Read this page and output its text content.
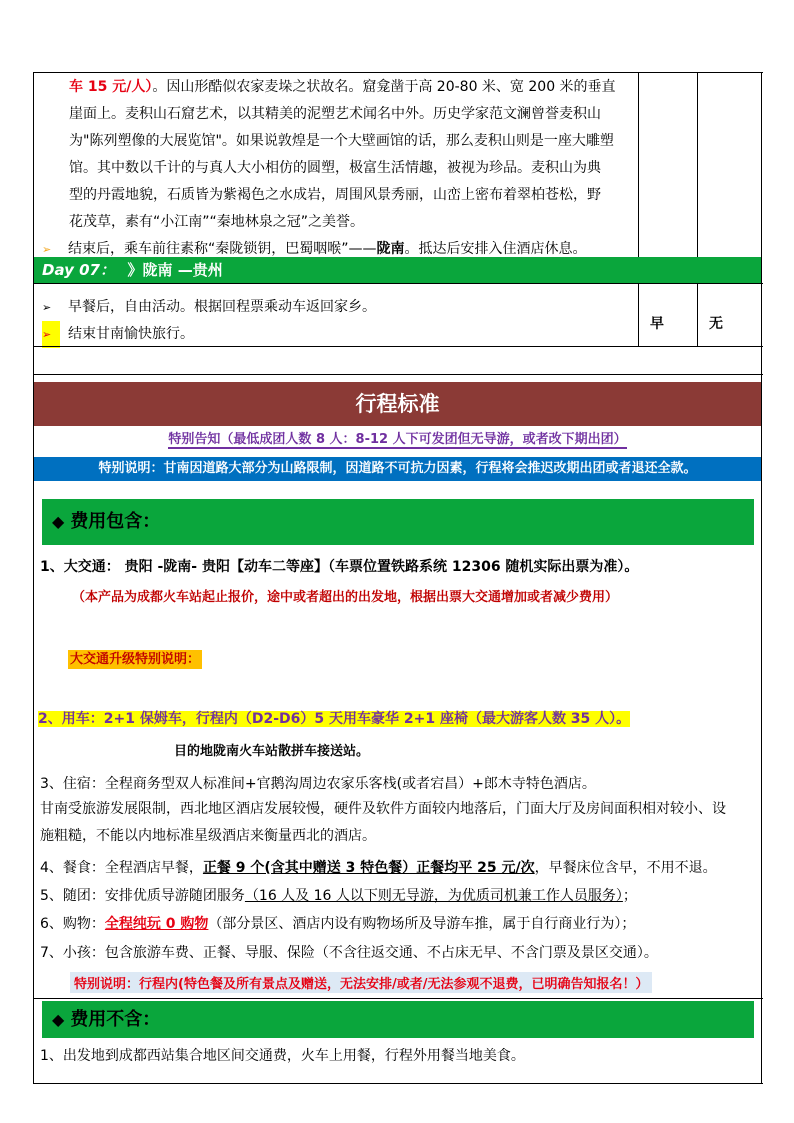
车 15 元/人）。因山形酷似农家麦垛之状故名。窟龛凿于高 20-80 米、宽 200 米的垂直
崖面上。麦积山石窟艺术，以其精美的泥塑艺术闻名中外。历史学家范文澜曾誉麦积山
为"陈列塑像的大展览馆"。如果说敦煌是一个大壁画馆的话，那么麦积山则是一座大雕塑
馆。其中数以千计的与真人大小相仿的圆塑，极富生活情趣，被视为珍品。麦积山为典
型的丹霞地貌，石质皆为紫褐色之水成岩，周围风景秀丽，山峦上密布着翠柏苍松，野
花茂草，素有“小江南”“秦地林泉之冠”之美誉。
➢ 结束后，乘车前往素称“秦陇锁钥，巴蜀咽喉”——陇南。抵达后安排入住酒店休息。
Day 07： 》陇南 —贵州
➢ 早餐后，自由活动。根据回程票乘动车返回家乡。
➢ 结束甘南愉快旅行。
早	无
行程标准
特别告知（最低成团人数 8 人：8-12 人下可发团但无导游，或者改下期出团）
特别说明：甘南因道路大部分为山路限制，因道路不可抗力因素，行程将会推迟改期出团或者退还全款。
◆ 费用包含：
1、大交通： 贵阳 -陇南- 贵阳【动车二等座】（车票位置铁路系统 12306 随机实际出票为准）。
（本产品为成都火车站起止报价，途中或者超出的出发地，根据出票大交通增加或者减少费用）
大交通升级特别说明：
2、用车：2+1 保姆车，行程内（D2-D6）5 天用车豪华 2+1 座椅（最大游客人数 35 人）。
目的地陇南火车站散拼车接送站。
3、住宿：全程商务型双人标准间+官鹅沟周边农家乐客栈(或者宕昌）+郎木寺特色酒店。
甘南受旅游发展限制，西北地区酒店发展较慢，硬件及软件方面较内地落后，门面大厅及房间面积相对较小、设
施粗糙，不能以内地标准星级酒店来衡量西北的酒店。
4、餐食：全程酒店早餐，正餐 9 个(含其中赠送 3 特色餐）正餐均平 25 元/次，早餐床位含早，不用不退。
5、随团：安排优质导游随团服务（16 人及 16 人以下则无导游，为优质司机兼工作人员服务）；
6、购物：全程纯玩 0 购物（部分景区、酒店内设有购物场所及导游车推，属于自行商业行为）；
7、小孩：包含旅游车费、正餐、导服、保险（不含往返交通、不占床无早、不含门票及景区交通）。
特别说明：行程内(特色餐及所有景点及赠送，无法安排/或者/无法参观不退费，已明确告知报名！）
◆ 费用不含：
1、出发地到成都西站集合地区间交通费，火车上用餐，行程外用餐当地美食。
